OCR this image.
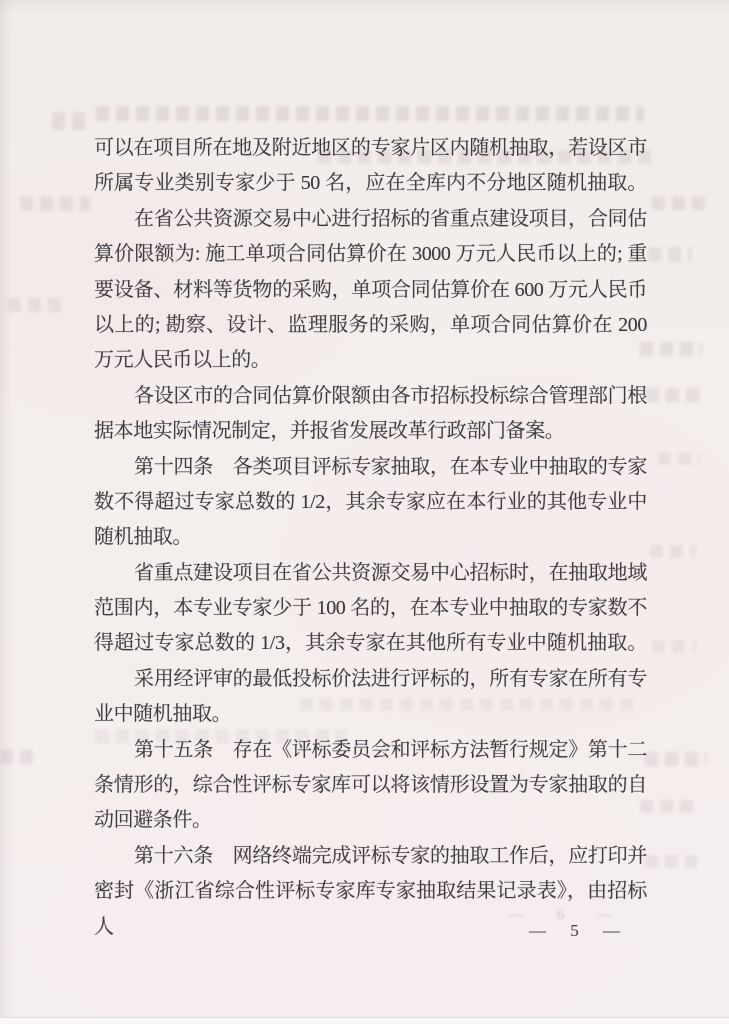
可以在项目所在地及附近地区的专家片区内随机抽取，若设区市
所属专业类别专家少于 50 名，应在全库内不分地区随机抽取。
在省公共资源交易中心进行招标的省重点建设项目，合同估
算价限额为: 施工单项合同估算价在 3000 万元人民币以上的; 重
要设备、材料等货物的采购，单项合同估算价在 600 万元人民币
以上的; 勘察、设计、监理服务的采购，单项合同估算价在 200
万元人民币以上的。
各设区市的合同估算价限额由各市招标投标综合管理部门根
据本地实际情况制定，并报省发展改革行政部门备案。
第十四条　各类项目评标专家抽取，在本专业中抽取的专家
数不得超过专家总数的 1/2，其余专家应在本行业的其他专业中
随机抽取。
省重点建设项目在省公共资源交易中心招标时，在抽取地域
范围内，本专业专家少于 100 名的，在本专业中抽取的专家数不
得超过专家总数的 1/3，其余专家在其他所有专业中随机抽取。
采用经评审的最低投标价法进行评标的，所有专家在所有专
业中随机抽取。
第十五条　存在《评标委员会和评标方法暂行规定》第十二
条情形的，综合性评标专家库可以将该情形设置为专家抽取的自
动回避条件。
第十六条　网络终端完成评标专家的抽取工作后，应打印并
密封《浙江省综合性评标专家库专家抽取结果记录表》，由招标人
— 6 —
— 5 —
